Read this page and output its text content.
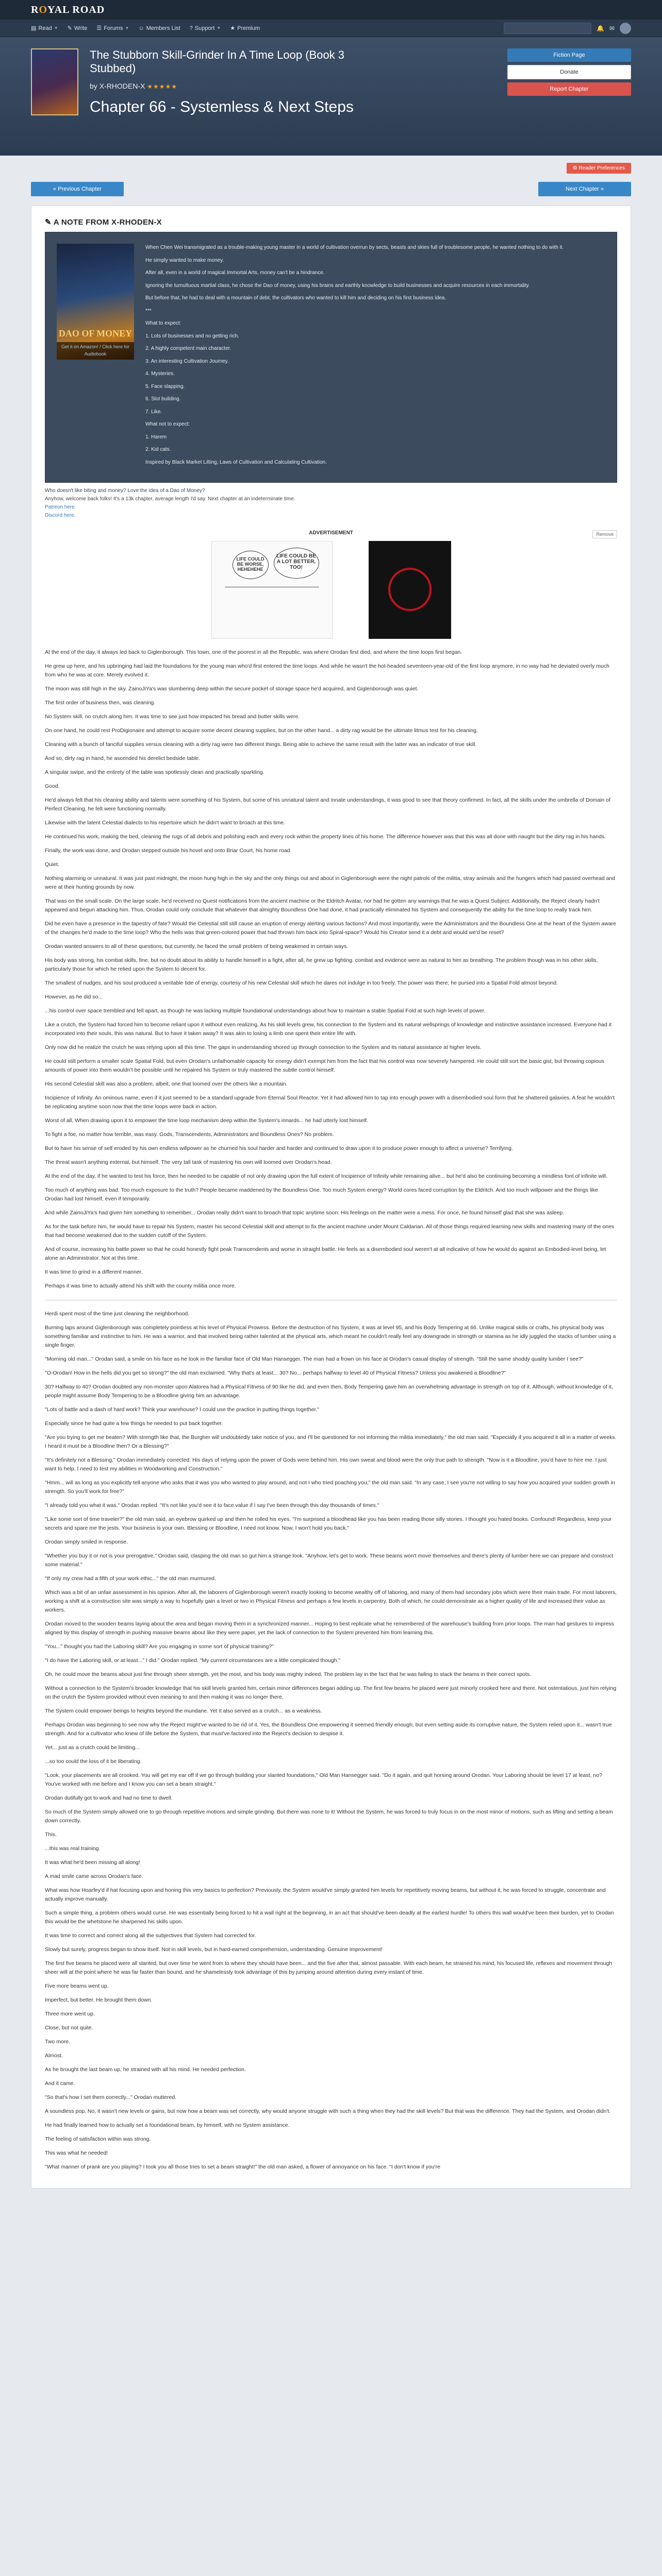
ROYAL ROAD
▤ Read ▼ ✎ Write ☰ Forums ▼ ☺ Members List ? Support ▼ ★ Premium	🔔 ✉
The Stubborn Skill-Grinder In A Time Loop (Book 3 Stubbed)
by X-RHODEN-X ★★★★★
Chapter 66 - Systemless & Next Steps
Fiction Page
Donate
Report Chapter
⚙ Reader Preferences
« Previous Chapter	Next Chapter »
✎ A NOTE FROM X-RHODEN-X
DAO OF MONEY
Get it on Amazon! / Click here for Audiobook

When Chen Wei transmigrated as a trouble-making young master in a world of cultivation overrun by sects, beasts and skies full of troublesome people, he wanted nothing to do with it.

He simply wanted to make money.

After all, even in a world of magical Immortal Arts, money can't be a hindrance.

Ignoring the tumultuous martial class, he chose the Dao of money, using his brains and earthly knowledge to build businesses and acquire resources in each immortality.

But before that, he had to deal with a mountain of debt, the cultivators who wanted to kill him and deciding on his first business idea.

***

What to expect:

1. Lots of businesses and no getting rich.

2. A highly competent main character.

3. An interesting Cultivation Journey.

4. Mysteries.

5. Face slapping.

6. Slot building.

7. Like.

What not to expect:

1. Harem

2. Kid cats.

Inspired by Black Market Lilting, Laws of Cultivation and Calculating Cultivation.

Who doesn't like biting and money? Love the idea of a Dao of Money?
Anyhow, welcome back folks! It's a 13k chapter, average length I'd say. Next chapter at an indeterminate time.
Patreon here.
Discord here.
ADVERTISEMENT	Remove
LIFE COULD BE WORSE, HEHEHEHE
LIFE COULD BE A LOT BETTER, TOO!

At the end of the day, it always led back to Giglenborough. This town, one of the poorest in all the Republic, was where Orodan first died, and where the time loops first began.

He grew up here, and his upbringing had laid the foundations for the young man who'd first entered the time loops. And while he wasn't the hot-headed seventeen-year-old of the first loop anymore, in no way had he deviated overly much from who he was at core. Merely evolved it.

The moon was still high in the sky. ZainoJiYa's was slumbering deep within the secure pocket of storage space he'd acquired, and Giglenborough was quiet.

The first order of business then, was cleaning.

No System skill, no crutch along him. It was time to see just how impacted his bread and butter skills were.

On one hand, he could rest ProDigionaire and attempt to acquire some decent cleaning supplies, but on the other hand... a dirty rag would be the ultimate litmus test for his cleaning.

Cleaning with a bunch of fanciful supplies versus cleaning with a dirty rag were two different things. Being able to achieve the same result with the latter was an indicator of true skill.

And so, dirty rag in hand, he ascended his derelict bedside table.

A singular swipe, and the entirety of the table was spotlessly clean and practically sparkling.

Good.

He'd always felt that his cleaning ability and talents were something of his System, but some of his unnatural talent and innate understandings, it was good to see that theory confirmed. In fact, all the skills under the umbrella of Domain of Perfect Cleaning, he felt were functioning normally.

Likewise with the latent Celestial dialects to his repertoire which he didn't want to broach at this time.

He continued his work, making the bed, cleaning the rugs of all debris and polishing each and every rock within the property lines of his home. The difference however was that this was all done with naught but the dirty rag in his hands.

Finally, the work was done, and Orodan stepped outside his hovel and onto Briar Court, his home road.

Quiet.

Nothing alarming or unnatural. It was just past midnight, the moon hung high in the sky and the only things out and about in Giglenborough were the night patrols of the militia, stray animals and the hungers which had passed overhead and were at their hunting grounds by now.

That was on the small scale. On the large scale, he'd received no Quest notifications from the ancient machine or the Eldritch Avatar, nor had he gotten any warnings that he was a Quest Subject. Additionally, the Reject clearly hadn't appeared and begun attacking him. Thus, Orodan could only conclude that whatever that almighty Boundless One had done, it had practically eliminated his System and consequently the ability for the time loop to really track him.

Did he even have a presence in the tapestry of fate? Would the Celestial still still cause an eruption of energy alerting various factions? And most importantly, were the Administrators and the Boundless One at the heart of the System aware of the changes he'd made to the time loop? Who the hells was that green-colored power that had thrown him back into Spiral-space? Would his Creator send it a debt and would we'd be reset?

Orodan wanted answers to all of these questions, but currently, he faced the small problem of being weakened in certain ways.

His body was strong, his combat skills, fine, but no doubt about its ability to handle himself in a fight, after all, he grew up fighting. combat and evidence were as natural to him as breathing. The problem though was in his other skills, particularly those for which he relied upon the System to decent for.

The smallest of nudges, and his soul produced a veritable tide of energy, courtesy of his new Celestial skill which he dares not indulge in too freely. The power was there; he pursed into a Spatial Fold almost beyond.

However, as he did so...

...his control over space trembled and fell apart, as though he was lacking multiple foundational understandings about how to maintain a stable Spatial Fold at such high levels of power.

Like a crutch, the System had forced him to become reliant upon it without even realizing. As his skill levels grew, his connection to the System and its natural wellsprings of knowledge and instinctive assistance increased. Everyone had it incorporated into their souls, this was natural. But to have it taken away? It was akin to losing a limb one spent their entire life with.

Only now did he realize the crutch he was relying upon all this time. The gaps in understanding shored up through connection to the System and its natural assistance at higher levels.

He could still perform a smaller scale Spatial Fold, but even Orodan's unfathomable capacity for energy didn't exempt him from the fact that his control was now severely hampered. He could still sort the basic gist, but throwing copious amounts of power into them wouldn't be possible until he repaired his System or truly mastered the subtle control himself.

His second Celestial skill was also a problem, albeit, one that loomed over the others like a mountain.

Incipience of Infinity. An ominous name, even if it just seemed to be a standard upgrade from Eternal Soul Reactor. Yet it had allowed him to tap into enough power with a disembodied soul form that he shattered galaxies. A feat he wouldn't be replicating anytime soon now that the time loops were back in action.

Worst of all, When drawing upon it to empower the time loop mechanism deep within the System's innards... he had utterly lost himself.

To fight a foe, no matter how terrible, was easy. Gods, Transcendents, Administrators and Boundless Ones? No problem.

But to have his sense of self eroded by his own endless willpower as he churned his soul harder and harder and continued to draw upon it to produce power enough to affect a universe? Terrifying.

The threat wasn't anything external, but himself. The very tall task of mastering his own will loomed over Orodan's head.

At the end of the day, if he wanted to test his force, then he needed to be capable of not only drawing upon the full extent of Incipience of Infinity while remaining alive... but he'd also be continuing becoming a mindless font of infinite will.

Too much of anything was bad. Too much exposure to the truth? People became maddened by the Boundless One. Too much System energy? World cores faced corruption by the Eldritch. And too much willpower and the things like Orodan had lost himself, even if temporarily.

And while ZainoJiYa's had given him something to remember... Orodan really didn't want to broach that topic anytime soon. His feelings on the matter were a mess. For once, he found himself glad that she was asleep.

As for the task before him, he would have to repair his System, master his second Celestial skill and attempt to fix the ancient machine under Mount Caldarian. All of those things required learning new skills and mastering many of the ones that had become weakened due to the sudden cutoff of the System.

And of course, increasing his battle power so that he could honestly fight peak Transcendents and worse in straight battle. He feels as a disembodied soul weren't at all indicative of how he would do against an Embodied-level being, let alone an Administrator. Not at this time.

It was time to grind in a different manner.

Perhaps it was time to actually attend his shift with the county militia once more.

Herdi spent most of the time just cleaning the neighborhood.

Burning laps around Giglenborough was completely pointless at his level of Physical Prowess. Before the destruction of his System, it was at level 95, and his Body Tempering at 66. Unlike magical skills or crafts, his physical body was something familiar and instinctive to him. He was a warrior, and that involved being rather talented at the physical arts, which meant he couldn't really feel any downgrade in strength or stamina as he idly juggled the stacks of lumber using a single finger.

"Morning old man..." Orodan said, a smile on his face as he took in the familiar face of Old Man Hansegger. The man had a frown on his face at Orodan's casual display of strength. "Still the same shoddy quality lumber I see?"

"O-Orodan! How in the hells did you get so strong?" the old man exclaimed. "Why that's at least... 30? No... perhaps halfway to level 40 of Physical Fitness? Unless you awakened a Bloodline?"

30? Halfway to 40? Orodan doubted any non-monster upon Alatorea had a Physical Fitness of 90 like he did, and even then, Body Tempering gave him an overwhelming advantage in strength on top of it. Although, without knowledge of it, people might assume Body Tempering to be a Bloodline giving him an advantage.

"Lots of battle and a dash of hard work? Think your warehouse? I could use the practice in putting things together."

Especially since he had quite a few things he needed to put back together.

"Are you trying to get me beaten? With strength like that, the Burgher will undoubtedly take notice of you, and I'll be questioned for not informing the militia immediately," the old man said. "Especially if you acquired it all in a matter of weeks. I heard it must be a Bloodline then? Or a Blessing?"

"It's definitely not a Blessing," Orodan immediately corrected. His days of relying upon the power of Gods were behind him. His own sweat and blood were the only true path to strength. "Now is it a Bloodline, you'd have to hire me. I just want to help. I need to test my abilities in Woodworking and Construction."

"Hmm... will as long as you explicitly tell anyone who asks that it was you who wanted to play around, and not I who tried poaching you," the old man said. "In any case, I see you're not willing to say how you acquired your sudden growth in strength. So you'll work for free?"

"I already told you what it was," Orodan replied. "It's not like you'd see it to face value if I say I've been through this day thousands of times."

"Like some sort of time traveler?" the old man said, an eyebrow quirked up and then he rolled his eyes. "I'm surprised a bloodhead like you has been reading those silly stories. I thought you hated books. Confound! Regardless, keep your secrets and spare me the jests. Your business is your own. Blessing or Bloodline, I need not know. Now, I won't hold you back."

Orodan simply smiled in response.

"Whether you buy it or not is your prerogative," Orodan said, clasping the old man so gut him a strange look. "Anyhow, let's get to work. These beams won't move themselves and there's plenty of lumber here we can prepare and construct some material."

"If only my crew had a fifth of your work ethic..." the old man murmured.

Which was a bit of an unfair assessment in his opinion. After all, the laborers of Giglenborough weren't exactly looking to become wealthy off of laboring, and many of them had secondary jobs which were their main trade. For most laborers, working a shift at a construction site was simply a way to hopefully gain a level or two in Physical Fitness and perhaps a few levels in carpentry. Both of which, he could demonstrate as a higher quality of life and increased their value as workers.

Orodan moved to the wooden beams laying about the area and began moving them in a synchronized manner... Hoping to best replicate what he remembered of the warehouse's building from prior loops. The man had gestures to impress aligned by this display of strength in pushing massive beams about like they were paper, yet the lack of connection to the System prevented him from learning this.

"You..." thought you had the Laboring skill? Are you engaging in some sort of physical training?"

"I do have the Laboring skill, or at least..." I did." Orodan replied. "My current circumstances are a little complicated though."

Oh, he could move the beams about just fine through sheer strength, yet the most, and his body was mighty indeed. The problem lay in the fact that he was failing to stack the beams in their correct spots.

Without a connection to the System's broader knowledge that his skill levels granted him, certain minor differences began adding up. The first few beams he placed were just minorly crooked here and there. Not ostentatious, just him relying on the crutch the System provided without even meaning to and then making it was no longer there.

The System could empower beings to heights beyond the mundane. Yet it also served as a crutch... as a weakness.

Perhaps Orodan was beginning to see now why the Reject might've wanted to be rid of it. Yes, the Boundless One empowering it seemed friendly enough, but even setting aside its corruptive nature, the System relied upon it... wasn't true strength. And for a cultivator who knew of life before the System, that must've factored into the Reject's decision to despise it.

Yet... just as a crutch could be limiting...

...so too could the loss of it be liberating.

"Look, your placements are all crooked. You will get my ear off if we go through building your slanted foundations," Old Man Hansegger said. "Do it again, and quit horsing around Orodan. Your Laboring should be level 17 at least, no? You've worked with me before and I know you can set a beam straight."

Orodan dutifully got to work and had no time to dwell.

So much of the System simply allowed one to go through repetitive motions and simple grinding. But there was none to it! Without the System, he was forced to truly focus in on the most minor of motions, such as lifting and setting a beam down correctly.

This.

...this was real training.

It was what he'd been missing all along!

A mad smile came across Orodan's face.

What was how Hoarfey'd if hat focusing upon and honing this very basics to perfection? Previously, the System would've simply granted him levels for repetitively moving beams, but without it, he was forced to struggle, concentrate and actually improve manually.

Such a simple thing, a problem others would curse. He was essentially being forced to hit a wall right at the beginning, in an act that should've been deadly at the earliest hurdle! To others this wall would've been their burden, yet to Orodan this would be the whetstone he sharpened his skills upon.

It was time to correct and correct along all the subjectives that System had corrected for.

Slowly but surely, progress began to show itself. Not in skill levels, but in hard-earned comprehension, understanding. Genuine improvement!

The first five beams he placed were all slanted, but over time he went from to where they should have been... and the five after that, almost passable. With each beam, he strained his mind, his focused life, reflexes and movement through sheer will at the point where he was far faster than bound, and he shamelessly took advantage of this by jumping around attention during every instant of time.

Five more beams went up.

Imperfect, but better. He brought them down.

Three more went up.

Close, but not quite.

Two more.

Almost.

As he brought the last beam up, he strained with all his mind. He needed perfection.

And it came.

"So that's how I set them correctly..." Orodan muttered.

A soundless pop. No, it wasn't new levels or gains, but now how a beam was set correctly, why would anyone struggle with such a thing when they had the skill levels? But that was the difference. They had the System, and Orodan didn't.

He had finally learned how to actually set a foundational beam, by himself, with no System assistance.

The feeling of satisfaction within was strong.

This was what he needed!

"What manner of prank are you playing? I took you all those tries to set a beam straight!" the old man asked, a flower of annoyance on his face. "I don't know if you're
